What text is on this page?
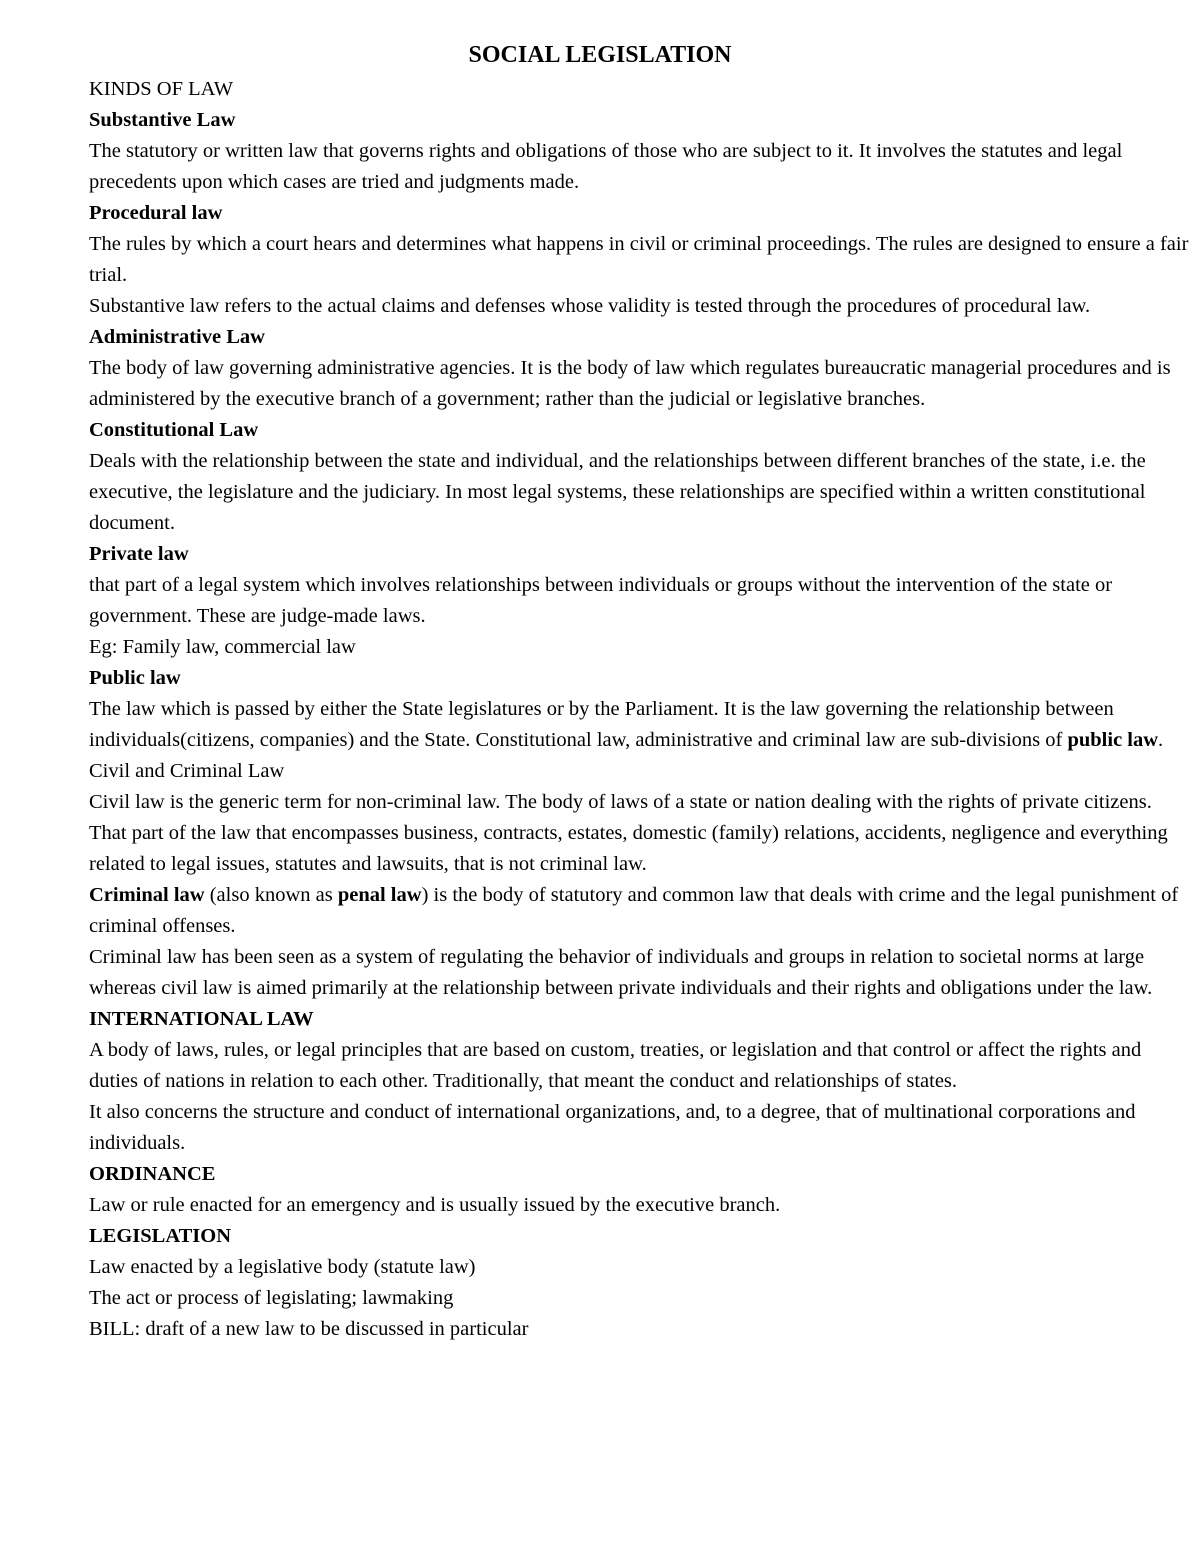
SOCIAL LEGISLATION

KINDS OF LAW

Substantive Law

The statutory or written law that governs rights and obligations of those who are subject to it. It involves the statutes and legal precedents upon which cases are tried and judgments made.

Procedural law

The rules by which a court hears and determines what happens in civil or criminal proceedings. The rules are designed to ensure a fair trial.

Substantive law refers to the actual claims and defenses whose validity is tested through the procedures of procedural law.

Administrative Law

The body of law governing administrative agencies. It is the body of law which regulates bureaucratic managerial procedures and is administered by the executive branch of a government; rather than the judicial or legislative branches.

Constitutional Law

Deals with the relationship between the state and individual, and the relationships between different branches of the state, i.e. the executive, the legislature and the judiciary. In most legal systems, these relationships are specified within a written constitutional document.

Private law

that part of a legal system which involves relationships between individuals or groups without the intervention of the state or government. These are judge-made laws.

Eg: Family law, commercial law

Public law

The law which is passed by either the State legislatures or by the Parliament. It is the law governing the relationship between individuals(citizens, companies) and the State. Constitutional law, administrative and criminal law are sub-divisions of public law.

Civil and Criminal Law

Civil law is the generic term for non-criminal law. The body of laws of a state or nation dealing with the rights of private citizens.

That part of the law that encompasses business, contracts, estates, domestic (family) relations, accidents, negligence and everything related to legal issues, statutes and lawsuits, that is not criminal law.

Criminal law (also known as penal law) is the body of statutory and common law that deals with crime and the legal punishment of criminal offenses.

Criminal law has been seen as a system of regulating the behavior of individuals and groups in relation to societal norms at large whereas civil law is aimed primarily at the relationship between private individuals and their rights and obligations under the law.

INTERNATIONAL LAW

A body of laws, rules, or legal principles that are based on custom, treaties, or legislation and that control or affect the rights and duties of nations in relation to each other. Traditionally, that meant the conduct and relationships of states.

It also concerns the structure and conduct of international organizations, and, to a degree, that of multinational corporations and individuals.

ORDINANCE

Law or rule enacted for an emergency and is usually issued by the executive branch.

LEGISLATION

Law enacted by a legislative body (statute law)

The act or process of legislating; lawmaking

BILL: draft of a new law to be discussed in particular
